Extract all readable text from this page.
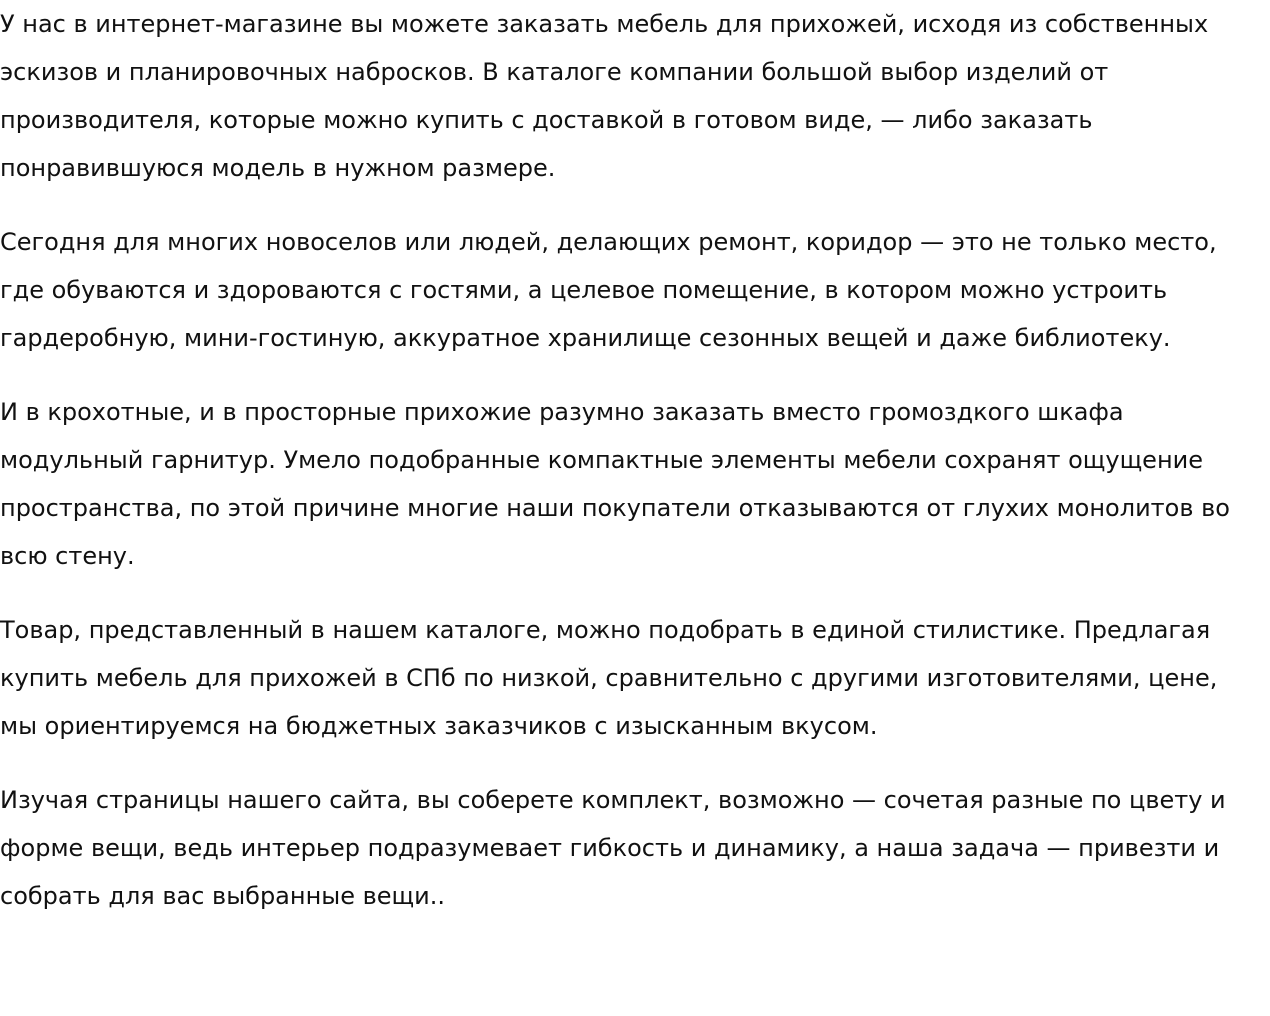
У нас в интернет-магазине вы можете заказать мебель для прихожей, исходя из собственных эскизов и планировочных набросков. В каталоге компании большой выбор изделий от производителя, которые можно купить с доставкой в готовом виде, — либо заказать понравившуюся модель в нужном размере.

Сегодня для многих новоселов или людей, делающих ремонт, коридор — это не только место, где обуваются и здороваются с гостями, а целевое помещение, в котором можно устроить гардеробную, мини-гостиную, аккуратное хранилище сезонных вещей и даже библиотеку.

И в крохотные, и в просторные прихожие разумно заказать вместо громоздкого шкафа модульный гарнитур. Умело подобранные компактные элементы мебели сохранят ощущение пространства, по этой причине многие наши покупатели отказываются от глухих монолитов во всю стену.

Товар, представленный в нашем каталоге, можно подобрать в единой стилистике. Предлагая купить мебель для прихожей в СПб по низкой, сравнительно с другими изготовителями, цене, мы ориентируемся на бюджетных заказчиков с изысканным вкусом.

Изучая страницы нашего сайта, вы соберете комплект, возможно — сочетая разные по цвету и форме вещи, ведь интерьер подразумевает гибкость и динамику, а наша задача — привезти и собрать для вас выбранные вещи..
